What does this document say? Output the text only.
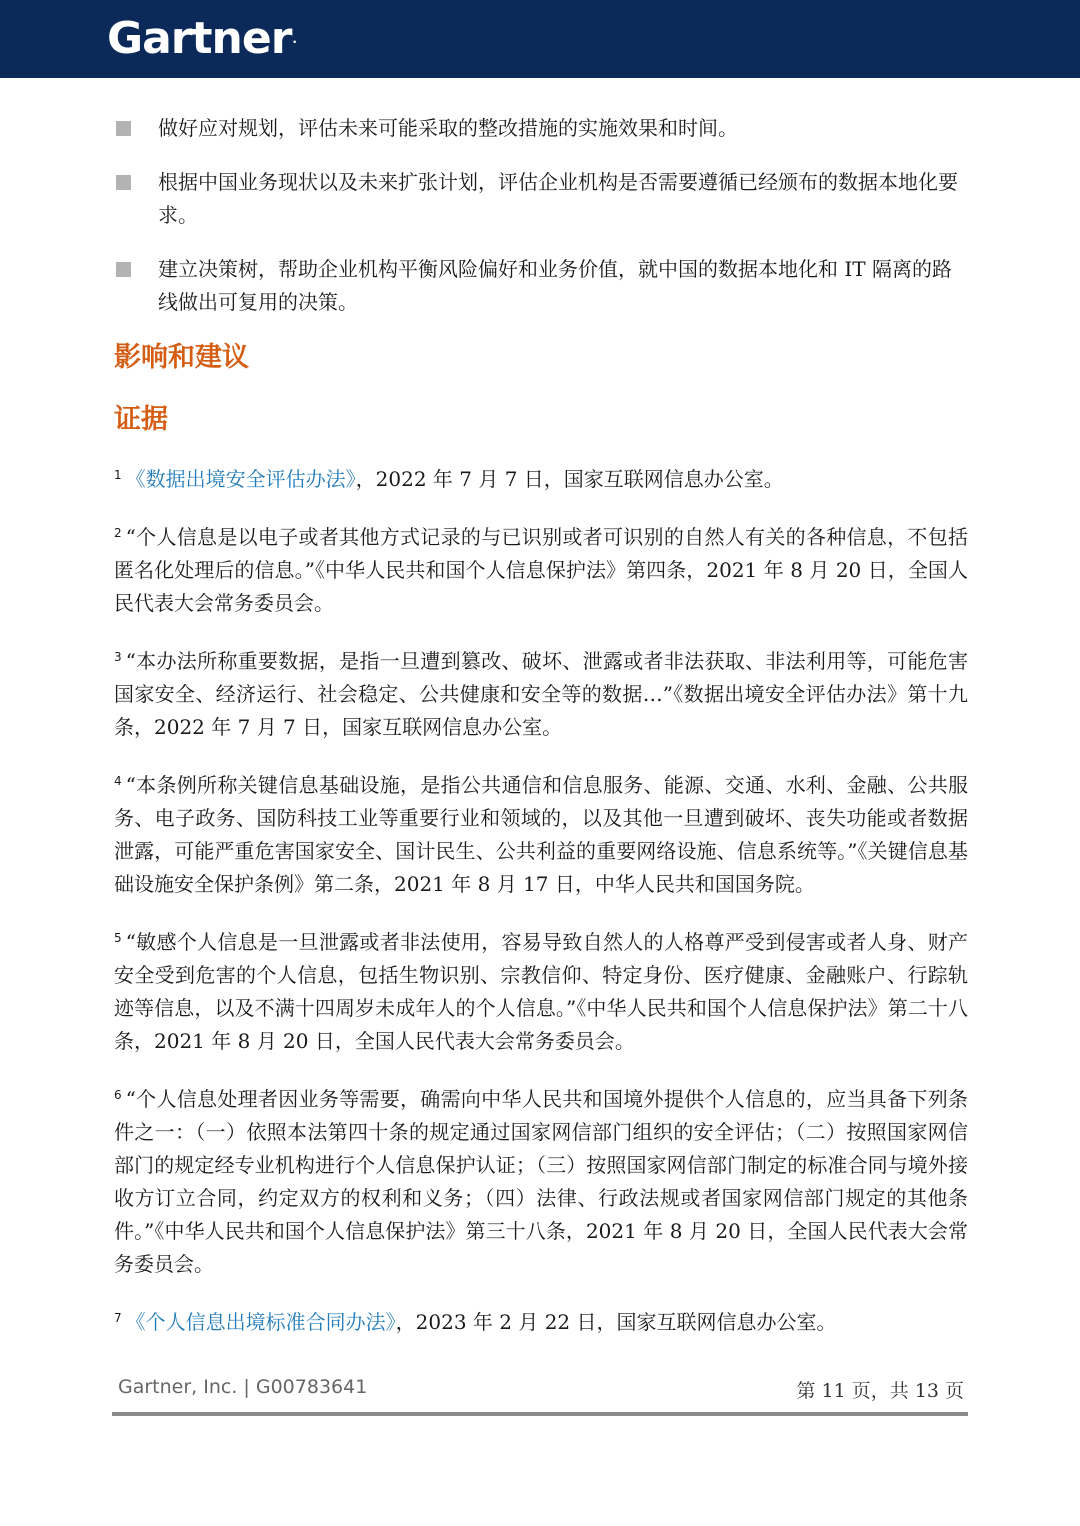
Gartner.
做好应对规划，评估未来可能采取的整改措施的实施效果和时间。
根据中国业务现状以及未来扩张计划，评估企业机构是否需要遵循已经颁布的数据本地化要求。
建立决策树，帮助企业机构平衡风险偏好和业务价值，就中国的数据本地化和 IT 隔离的路线做出可复用的决策。
影响和建议
证据
$^1$ 《数据出境安全评估办法》，2022 年 7 月 7 日，国家互联网信息办公室。
$^2$ “个人信息是以电子或者其他方式记录的与已识别或者可识别的自然人有关的各种信息，不包括匿名化处理后的信息。”《中华人民共和国个人信息保护法》第四条，2021 年 8 月 20 日，全国人民代表大会常务委员会。
$^3$ “本办法所称重要数据，是指一旦遭到篡改、破坏、泄露或者非法获取、非法利用等，可能危害国家安全、经济运行、社会稳定、公共健康和安全等的数据…”《数据出境安全评估办法》第十九条，2022 年 7 月 7 日，国家互联网信息办公室。
$^4$ “本条例所称关键信息基础设施，是指公共通信和信息服务、能源、交通、水利、金融、公共服务、电子政务、国防科技工业等重要行业和领域的，以及其他一旦遭到破坏、丧失功能或者数据泄露，可能严重危害国家安全、国计民生、公共利益的重要网络设施、信息系统等。”《关键信息基础设施安全保护条例》第二条，2021 年 8 月 17 日，中华人民共和国国务院。
$^5$ “敏感个人信息是一旦泄露或者非法使用，容易导致自然人的人格尊严受到侵害或者人身、财产安全受到危害的个人信息，包括生物识别、宗教信仰、特定身份、医疗健康、金融账户、行踪轨迹等信息，以及不满十四周岁未成年人的个人信息。”《中华人民共和国个人信息保护法》第二十八条，2021 年 8 月 20 日，全国人民代表大会常务委员会。
$^6$ “个人信息处理者因业务等需要，确需向中华人民共和国境外提供个人信息的，应当具备下列条件之一：（一）依照本法第四十条的规定通过国家网信部门组织的安全评估；（二）按照国家网信部门的规定经专业机构进行个人信息保护认证；（三）按照国家网信部门制定的标准合同与境外接收方订立合同，约定双方的权利和义务；（四）法律、行政法规或者国家网信部门规定的其他条件。”《中华人民共和国个人信息保护法》第三十八条，2021 年 8 月 20 日，全国人民代表大会常务委员会。
$^7$ 《个人信息出境标准合同办法》，2023 年 2 月 22 日，国家互联网信息办公室。
Gartner, Inc. | G00783641	第 11 页，共 13 页
